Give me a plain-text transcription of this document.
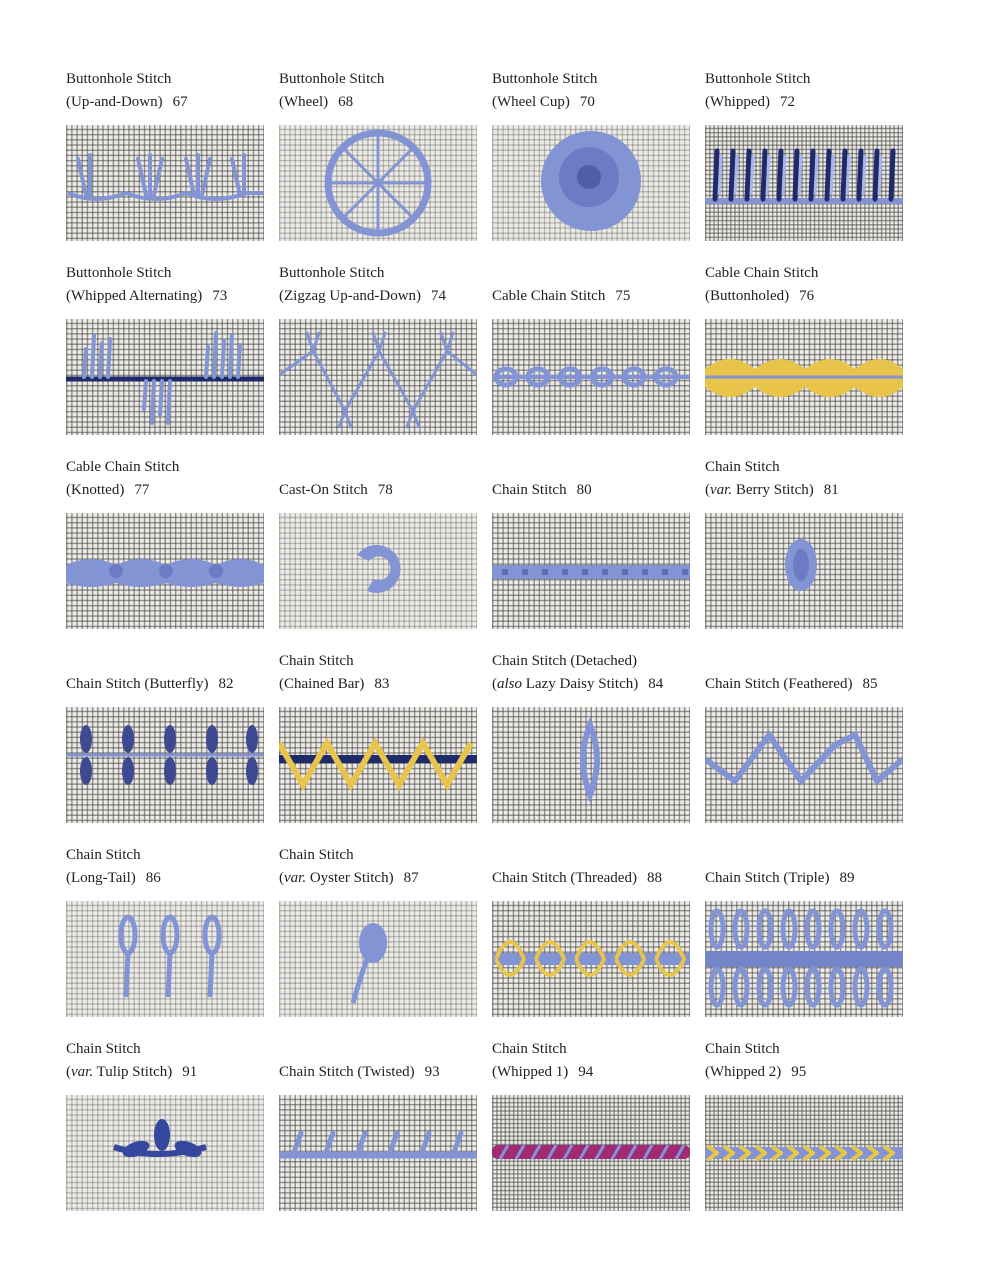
Buttonhole Stitch
(Up-and-Down) 67
Buttonhole Stitch
(Wheel) 68
Buttonhole Stitch
(Wheel Cup) 70
Buttonhole Stitch
(Whipped) 72
Buttonhole Stitch
(Whipped Alternating) 73
Buttonhole Stitch
(Zigzag Up-and-Down) 74	Cable Chain Stitch 75
Cable Chain Stitch
(Buttonholed) 76
Cable Chain Stitch
(Knotted) 77	Cast-On Stitch 78	Chain Stitch 80
Chain Stitch
(var. Berry Stitch) 81
Chain Stitch (Butterfly) 82
Chain Stitch
(Chained Bar) 83
Chain Stitch (Detached)
(also Lazy Daisy Stitch) 84	Chain Stitch (Feathered) 85
Chain Stitch
(Long-Tail) 86
Chain Stitch
(var. Oyster Stitch) 87	Chain Stitch (Threaded) 88	Chain Stitch (Triple) 89
Chain Stitch
(var. Tulip Stitch) 91	Chain Stitch (Twisted) 93
Chain Stitch
(Whipped 1) 94
Chain Stitch
(Whipped 2) 95
